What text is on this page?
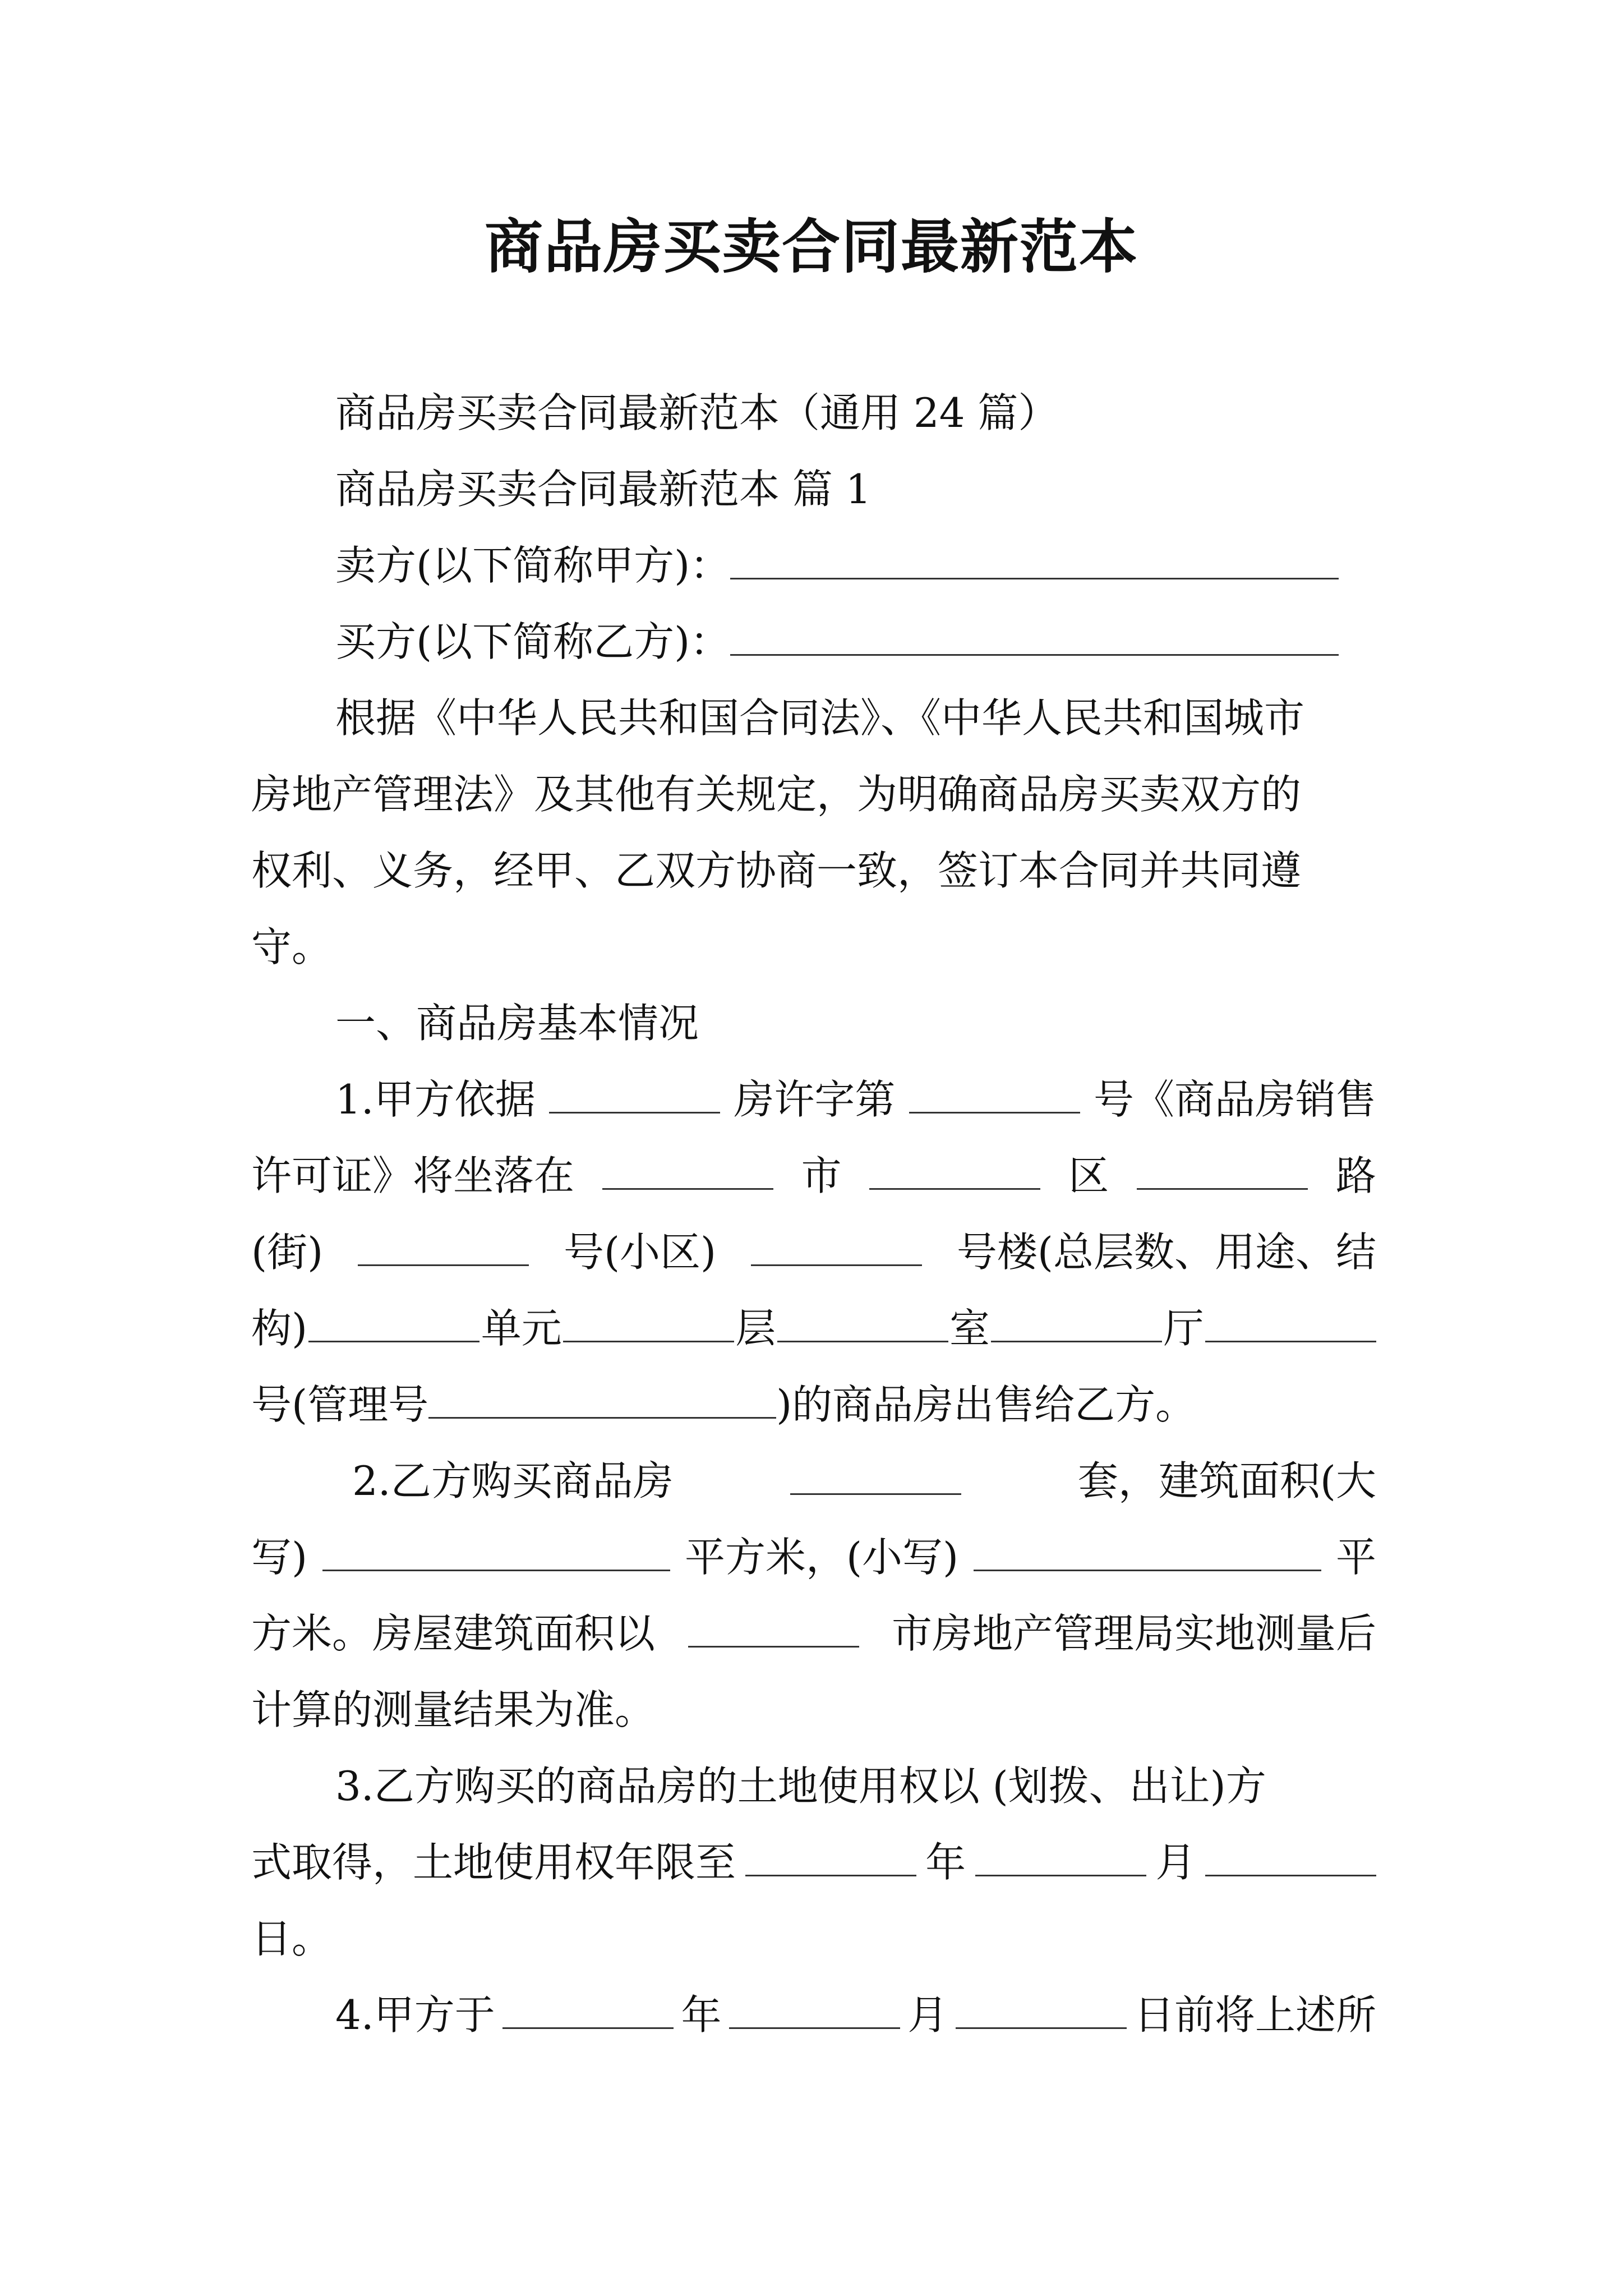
商品房买卖合同最新范本
商品房买卖合同最新范本（通用 24 篇）
商品房买卖合同最新范本 篇 1
卖方(以下简称甲方)：
买方(以下简称乙方)：
根据《中华人民共和国合同法》、《中华人民共和国城市
房地产管理法》及其他有关规定，为明确商品房买卖双方的
权利、义务，经甲、乙双方协商一致，签订本合同并共同遵
守。
一、商品房基本情况
1.甲方依据	房许字第	号《商品房销售
许可证》将坐落在	市	区	路
(街)	号(小区)	号楼(总层数、用途、结
构)	单元	层	室	厅
号(管理号	)的商品房出售给乙方。
2.乙方购买商品房	套，建筑面积(大
写)	平方米，(小写)	平
方米。房屋建筑面积以	市房地产管理局实地测量后
计算的测量结果为准。
3.乙方购买的商品房的土地使用权以 (划拨、出让)方
式取得，土地使用权年限至	年	月
日。
4.甲方于	年	月	日前将上述所
